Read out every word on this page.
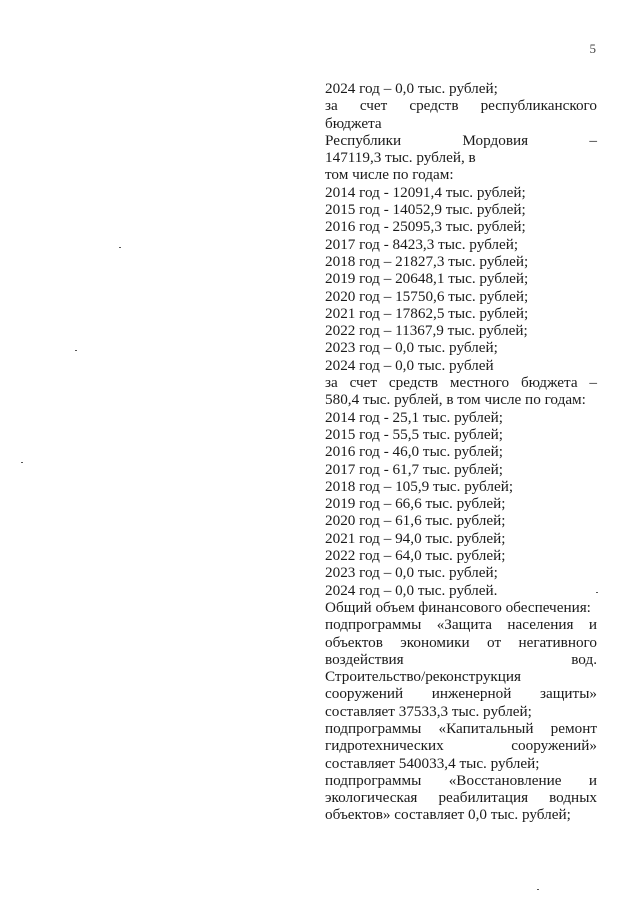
5
2024 год – 0,0 тыс. рублей;
за счет средств республиканского
бюджета
Республики Мордовия –
147119,3 тыс. рублей, в
том числе по годам:
2014 год - 12091,4 тыс. рублей;
2015 год - 14052,9 тыс. рублей;
2016 год - 25095,3 тыс. рублей;
2017 год - 8423,3 тыс. рублей;
2018 год – 21827,3 тыс. рублей;
2019 год – 20648,1 тыс. рублей;
2020 год – 15750,6 тыс. рублей;
2021 год – 17862,5 тыс. рублей;
2022 год – 11367,9 тыс. рублей;
2023 год – 0,0 тыс. рублей;
2024 год – 0,0 тыс. рублей
за счет средств местного бюджета –
580,4 тыс. рублей, в том числе по годам:
2014 год - 25,1 тыс. рублей;
2015 год - 55,5 тыс. рублей;
2016 год - 46,0 тыс. рублей;
2017 год - 61,7 тыс. рублей;
2018 год – 105,9 тыс. рублей;
2019 год – 66,6 тыс. рублей;
2020 год – 61,6 тыс. рублей;
2021 год – 94,0 тыс. рублей;
2022 год – 64,0 тыс. рублей;
2023 год – 0,0 тыс. рублей;
2024 год – 0,0 тыс. рублей.
Общий объем финансового обеспечения:
подпрограммы «Защита населения и
объектов экономики от негативного
воздействия вод.
Строительство/реконструкция
сооружений инженерной защиты»
составляет 37533,3 тыс. рублей;
подпрограммы «Капитальный ремонт
гидротехнических сооружений»
составляет 540033,4 тыс. рублей;
подпрограммы «Восстановление и
экологическая реабилитация водных
объектов» составляет 0,0 тыс. рублей;
